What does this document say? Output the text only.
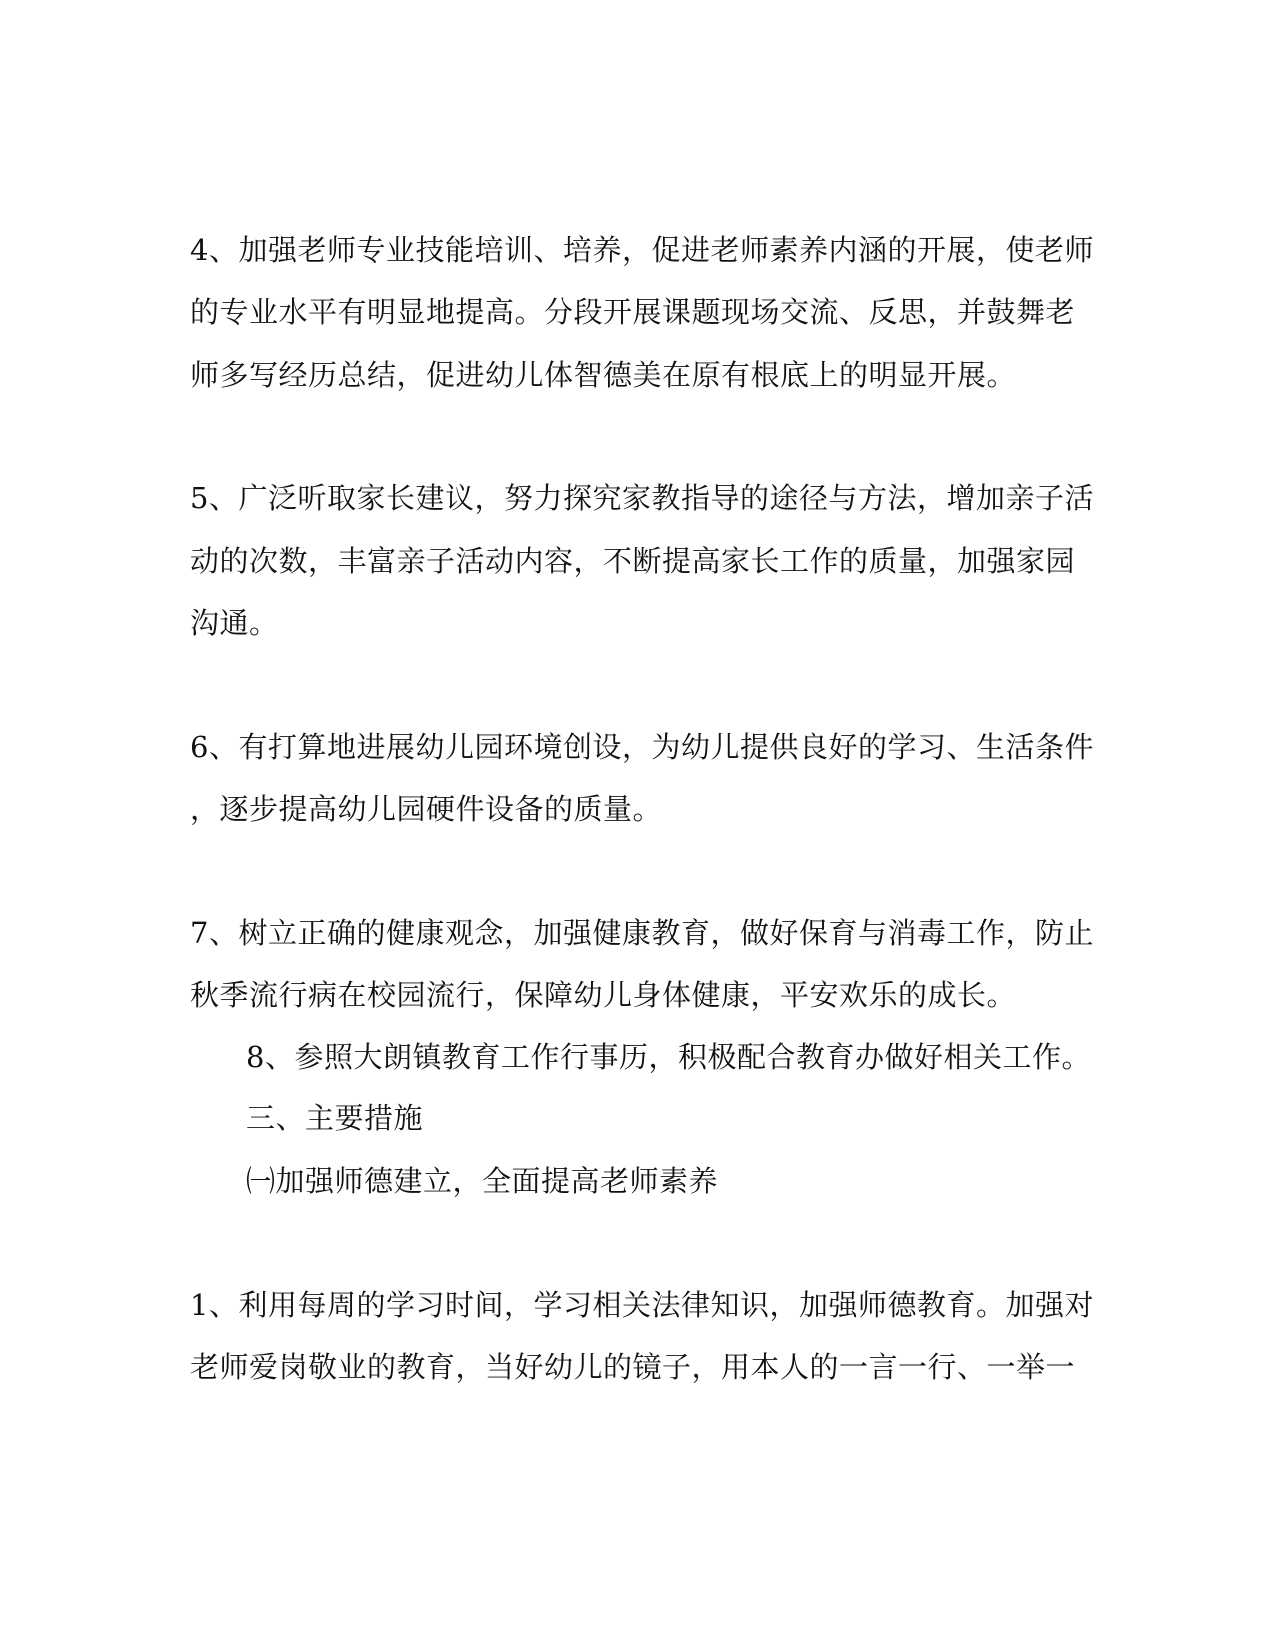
4、加强老师专业技能培训、培养，促进老师素养内涵的开展，使老师
的专业水平有明显地提高。分段开展课题现场交流、反思，并鼓舞老
师多写经历总结，促进幼儿体智德美在原有根底上的明显开展。
5、广泛听取家长建议，努力探究家教指导的途径与方法，增加亲子活
动的次数，丰富亲子活动内容，不断提高家长工作的质量，加强家园
沟通。
6、有打算地进展幼儿园环境创设，为幼儿提供良好的学习、生活条件
，逐步提高幼儿园硬件设备的质量。
7、树立正确的健康观念，加强健康教育，做好保育与消毒工作，防止
秋季流行病在校园流行，保障幼儿身体健康，平安欢乐的成长。
8、参照大朗镇教育工作行事历，积极配合教育办做好相关工作。
三、主要措施
㈠加强师德建立，全面提高老师素养
1、利用每周的学习时间，学习相关法律知识，加强师德教育。加强对
老师爱岗敬业的教育，当好幼儿的镜子，用本人的一言一行、一举一
